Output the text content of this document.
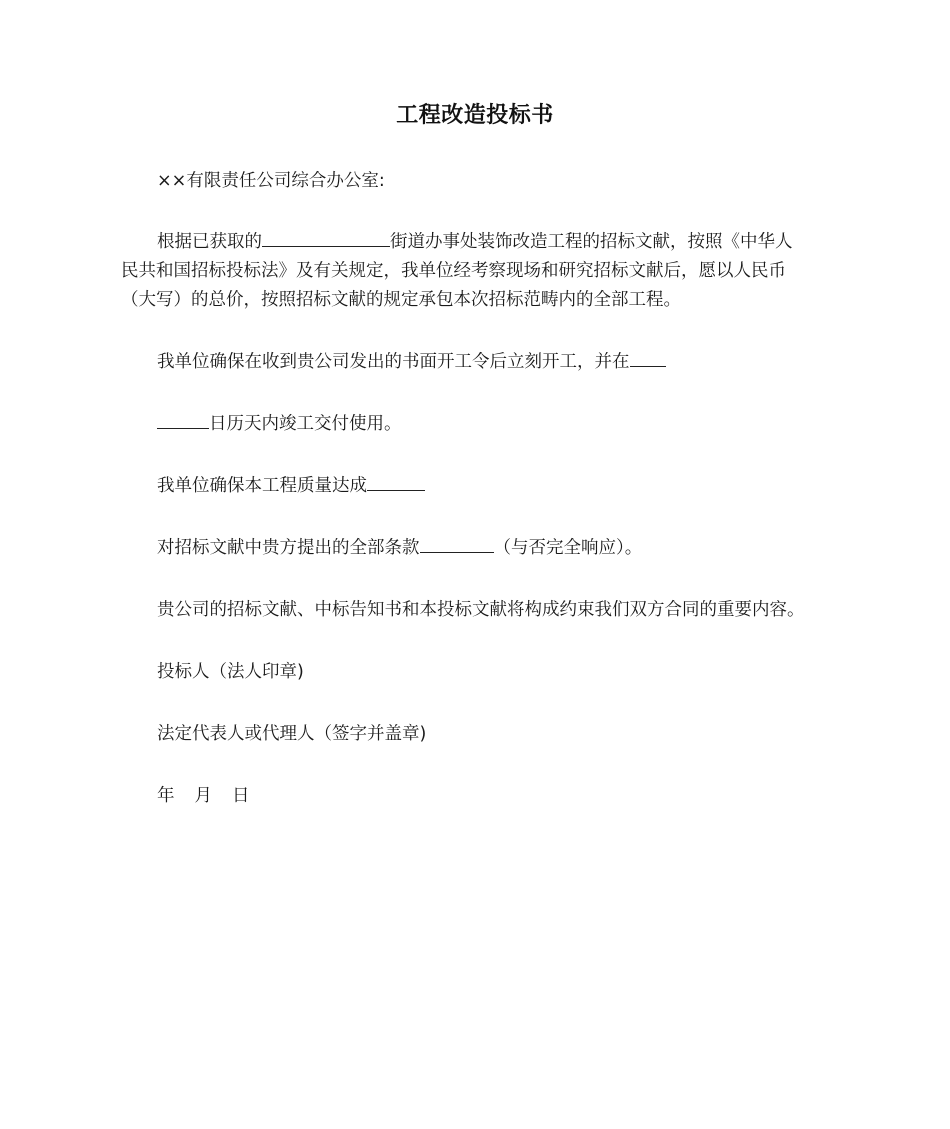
工程改造投标书
××有限责任公司综合办公室:
根据已获取的	街道办事处装饰改造工程的招标文献，按照《中华人
民共和国招标投标法》及有关规定，我单位经考察现场和研究招标文献后，愿以人民币
（大写）的总价，按照招标文献的规定承包本次招标范畴内的全部工程。
我单位确保在收到贵公司发出的书面开工令后立刻开工，并在
日历天内竣工交付使用。
我单位确保本工程质量达成
对招标文献中贵方提出的全部条款	（与否完全响应）。
贵公司的招标文献、中标告知书和本投标文献将构成约束我们双方合同的重要内容。
投标人（法人印章)
法定代表人或代理人（签字并盖章)
年 月 日
